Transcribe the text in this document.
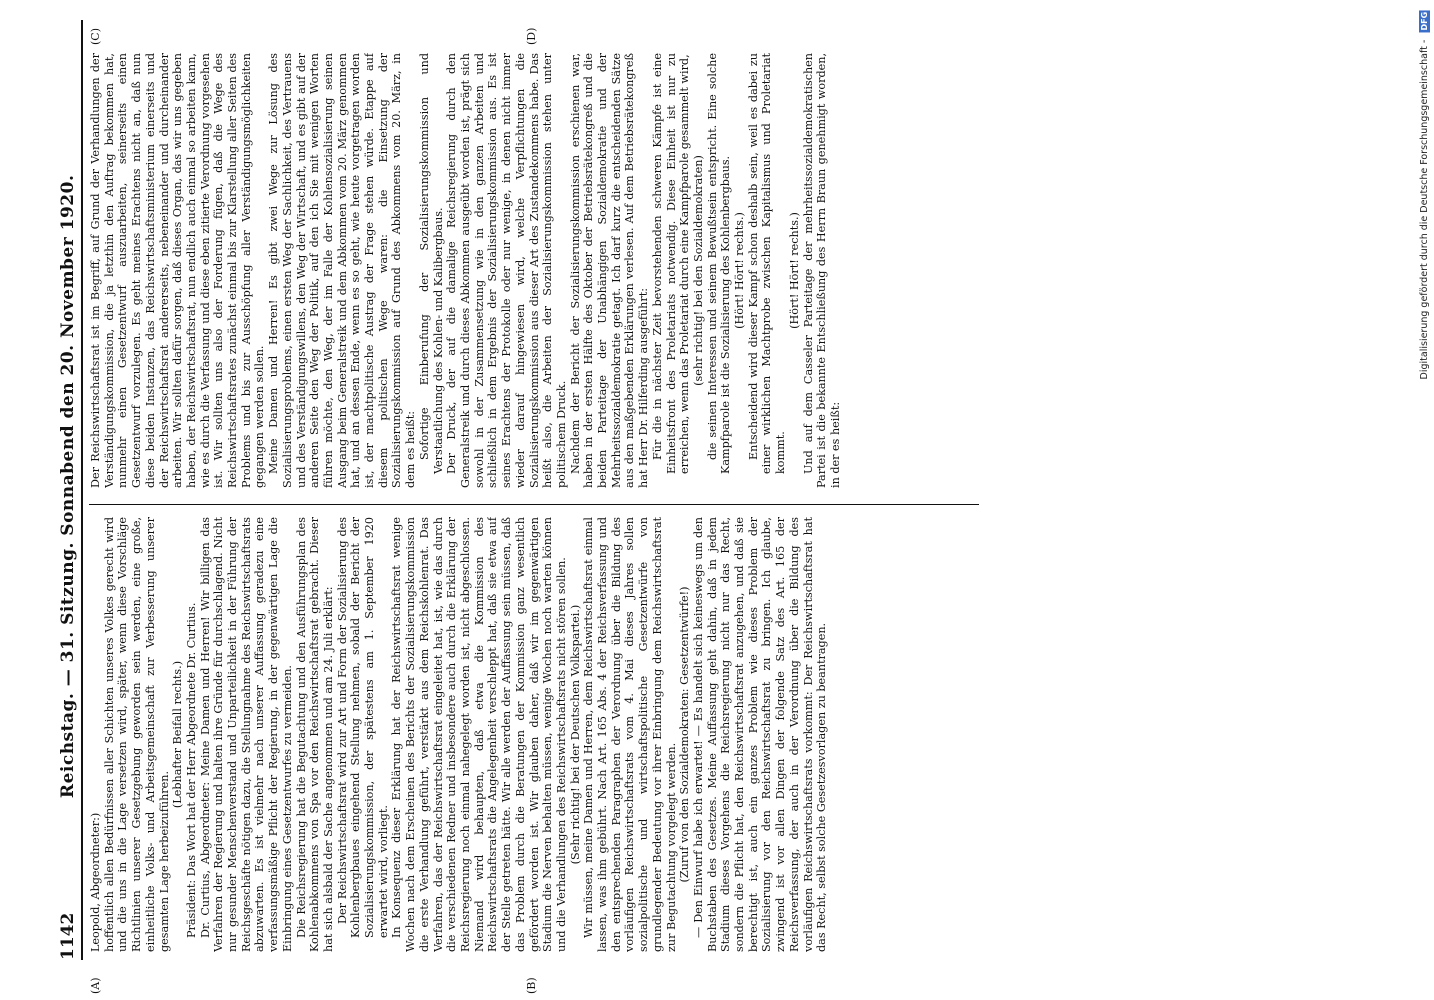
1142
Reichstag. — 31. Sitzung. Sonnabend den 20. November 1920.
(A)	(B)
(C)	(D)

Leopold, Abgeordneter:) hoffentlich allen Bedürfnissen aller Schichten unseres Volkes gerecht wird und die uns in die Lage versetzen wird, später, wenn diese Vorschläge Richtlinien unserer Gesetzgebung geworden sein werden, eine große, einheitliche Volks- und Arbeitsgemeinschaft zur Verbesserung unserer gesamten Lage herbeizuführen.

(Lebhafter Beifall rechts.) Präsident: Das Wort hat der Herr Abgeordnete Dr. Curtius. Dr. Curtius, Abgeordneter: Meine Damen und Herren! Wir billigen das Verfahren der Regierung und halten ihre Gründe für durchschlagend. Nicht nur gesunder Menschenverstand und Unparteilichkeit in der Führung der Reichsgeschäfte nötigen dazu, die Stellungnahme des Reichswirtschaftsrats abzuwarten. Es ist vielmehr nach unserer Auffassung geradezu eine verfassungsmäßige Pflicht der Regierung, in der gegenwärtigen Lage die Einbringung eines Gesetzentwurfes zu vermeiden. Die Reichsregierung hat die Begutachtung und den Ausführungsplan des Kohlenabkommens von Spa vor den Reichswirtschaftsrat gebracht. Dieser hat sich alsbald der Sache angenommen und am 24. Juli erklärt: Der Reichswirtschaftsrat wird zur Art und Form der Sozialisierung des Kohlenbergbaues eingehend Stellung nehmen, sobald der Bericht der Sozialisierungskommission, der spätestens am 1. September 1920 erwartet wird, vorliegt. In Konsequenz dieser Erklärung hat der Reichswirtschaftsrat wenige Wochen nach dem Erscheinen des Berichts der Sozialisierungskommission die erste Verhandlung geführt, verstärkt aus dem Reichskohlenrat. Das Verfahren, das der Reichswirtschaftsrat eingeleitet hat, ist, wie das durch die verschiedenen Redner und insbesondere auch durch die Erklärung der Reichsregierung noch einmal nahegelegt worden ist, nicht abgeschlossen. Niemand wird behaupten, daß etwa die Kommission des Reichswirtschaftsrats die Angelegenheit verschleppt hat, daß sie etwa auf der Stelle getreten hätte. Wir alle werden der Auffassung sein müssen, daß das Problem durch die Beratungen der Kommission ganz wesentlich gefördert worden ist. Wir glauben daher, daß wir im gegenwärtigen Stadium die Nerven behalten müssen, wenige Wochen noch warten können und die Verhandlungen des Reichswirtschaftsrats nicht stören sollen. (Sehr richtig! bei der Deutschen Volkspartei.) Wir müssen, meine Damen und Herren, dem Reichswirtschaftsrat einmal lassen, was ihm gebührt. Nach Art. 165 Abs. 4 der Reichsverfassung und den entsprechenden Paragraphen der Verordnung über die Bildung des vorläufigen Reichswirtschaftsrats vom 4. Mai dieses Jahres sollen sozialpolitische und wirtschaftspolitische Gesetzentwürfe von grundlegender Bedeutung vor ihrer Einbringung dem Reichswirtschaftsrat zur Begutachtung vorgelegt werden. (Zuruf von den Sozialdemokraten: Gesetzentwürfe!) — Den Einwurf habe ich erwartet! — Es handelt sich keineswegs um den Buchstaben des Gesetzes. Meine Auffassung geht dahin, daß in jedem Stadium dieses Vorgehens die Reichsregierung nicht nur das Recht, sondern die Pflicht hat, den Reichswirtschaftsrat anzugehen, und daß sie berechtigt ist, auch ein ganzes Problem wie dieses Problem der Sozialisierung vor den Reichswirtschaftsrat zu bringen. Ich glaube, zwingend ist vor allen Dingen der folgende Satz des Art. 165 der Reichsverfassung, der auch in der Verordnung über die Bildung des vorläufigen Reichswirtschaftsrats vorkommt: Der Reichswirtschaftsrat hat das Recht, selbst solche Gesetzesvorlagen zu beantragen.

Der Reichswirtschaftsrat ist im Begriff, auf Grund der Verhandlungen der Verständigungskommission, die ja letzthin den Auftrag bekommen hat, nunmehr einen Gesetzentwurf auszuarbeiten, seinerseits einen Gesetzentwurf vorzulegen. Es geht meines Erachtens nicht an, daß nun diese beiden Instanzen, das Reichswirtschaftsministerium einerseits und der Reichswirtschaftsrat andererseits, nebeneinander und durcheinander arbeiten. Wir sollten dafür sorgen, daß dieses Organ, das wir uns gegeben haben, der Reichswirtschaftsrat, nun endlich auch einmal so arbeiten kann, wie es durch die Verfassung und diese eben zitierte Verordnung vorgesehen ist. Wir sollten uns also der Forderung fügen, daß die Wege des Reichswirtschaftsrates zunächst einmal bis zur Klarstellung aller Seiten des Problems und bis zur Ausschöpfung aller Verständigungsmöglichkeiten gegangen werden sollen. Meine Damen und Herren! Es gibt zwei Wege zur Lösung des Sozialisierungsproblems, einen ersten Weg der Sachlichkeit, des Vertrauens und des Verständigungswillens, den Weg der Wirtschaft, und es gibt auf der anderen Seite den Weg der Politik, auf den ich Sie mit wenigen Worten führen möchte, den Weg, der im Falle der Kohlensozialisierung seinen Ausgang beim Generalstreik und dem Abkommen vom 20. März genommen hat, und an dessen Ende, wenn es so geht, wie heute vorgetragen worden ist, der machtpolitische Austrag der Frage stehen würde. Etappe auf diesem politischen Wege waren: die Einsetzung der Sozialisierungskommission auf Grund des Abkommens vom 20. März, in dem es heißt: Sofortige Einberufung der Sozialisierungskommission und Verstaatlichung des Kohlen- und Kalibergbaus. Der Druck, der auf die damalige Reichsregierung durch den Generalstreik und durch dieses Abkommen ausgeübt worden ist, prägt sich sowohl in der Zusammensetzung wie in den ganzen Arbeiten und schließlich in dem Ergebnis der Sozialisierungskommission aus. Es ist seines Erachtens der Protokolle oder nur wenige, in denen nicht immer wieder darauf hingewiesen wird, welche Verpflichtungen die Sozialisierungskommission aus dieser Art des Zustandekommens habe. Das heißt also, die Arbeiten der Sozialisierungskommission stehen unter politischem Druck. Nachdem der Bericht der Sozialisierungskommission erschienen war, haben in der ersten Hälfte des Oktober der Betriebsrätekongreß und die beiden Parteitage der Unabhängigen Sozialdemokratie und der Mehrheitssozialdemokratie getagt. Ich darf kurz die entscheidenden Sätze aus den maßgebenden Erklärungen verlesen. Auf dem Betriebsrätekongreß hat Herr Dr. Hilferding ausgeführt: Für die in nächster Zeit bevorstehenden schweren Kämpfe ist eine Einheitsfront des Proletariats notwendig. Diese Einheit ist nur zu erreichen, wenn das Proletariat durch eine Kampfparole gesammelt wird, (sehr richtig! bei den Sozialdemokraten) die seinen Interessen und seinem Bewußtsein entspricht. Eine solche Kampfparole ist die Sozialisierung des Kohlenbergbaus. (Hört! Hört! rechts.) Entscheidend wird dieser Kampf schon deshalb sein, weil es dabei zu einer wirklichen Machtprobe zwischen Kapitalismus und Proletariat kommt.

(Hört! Hört! rechts.) Und auf dem Casseler Parteitage der mehrheitssozialdemokratischen Partei ist die bekannte Entschließung des Herrn Braun genehmigt worden, in der es heißt:

Digitalisierung gefördert durch die Deutsche Forschungsgemeinschaft - DFG
